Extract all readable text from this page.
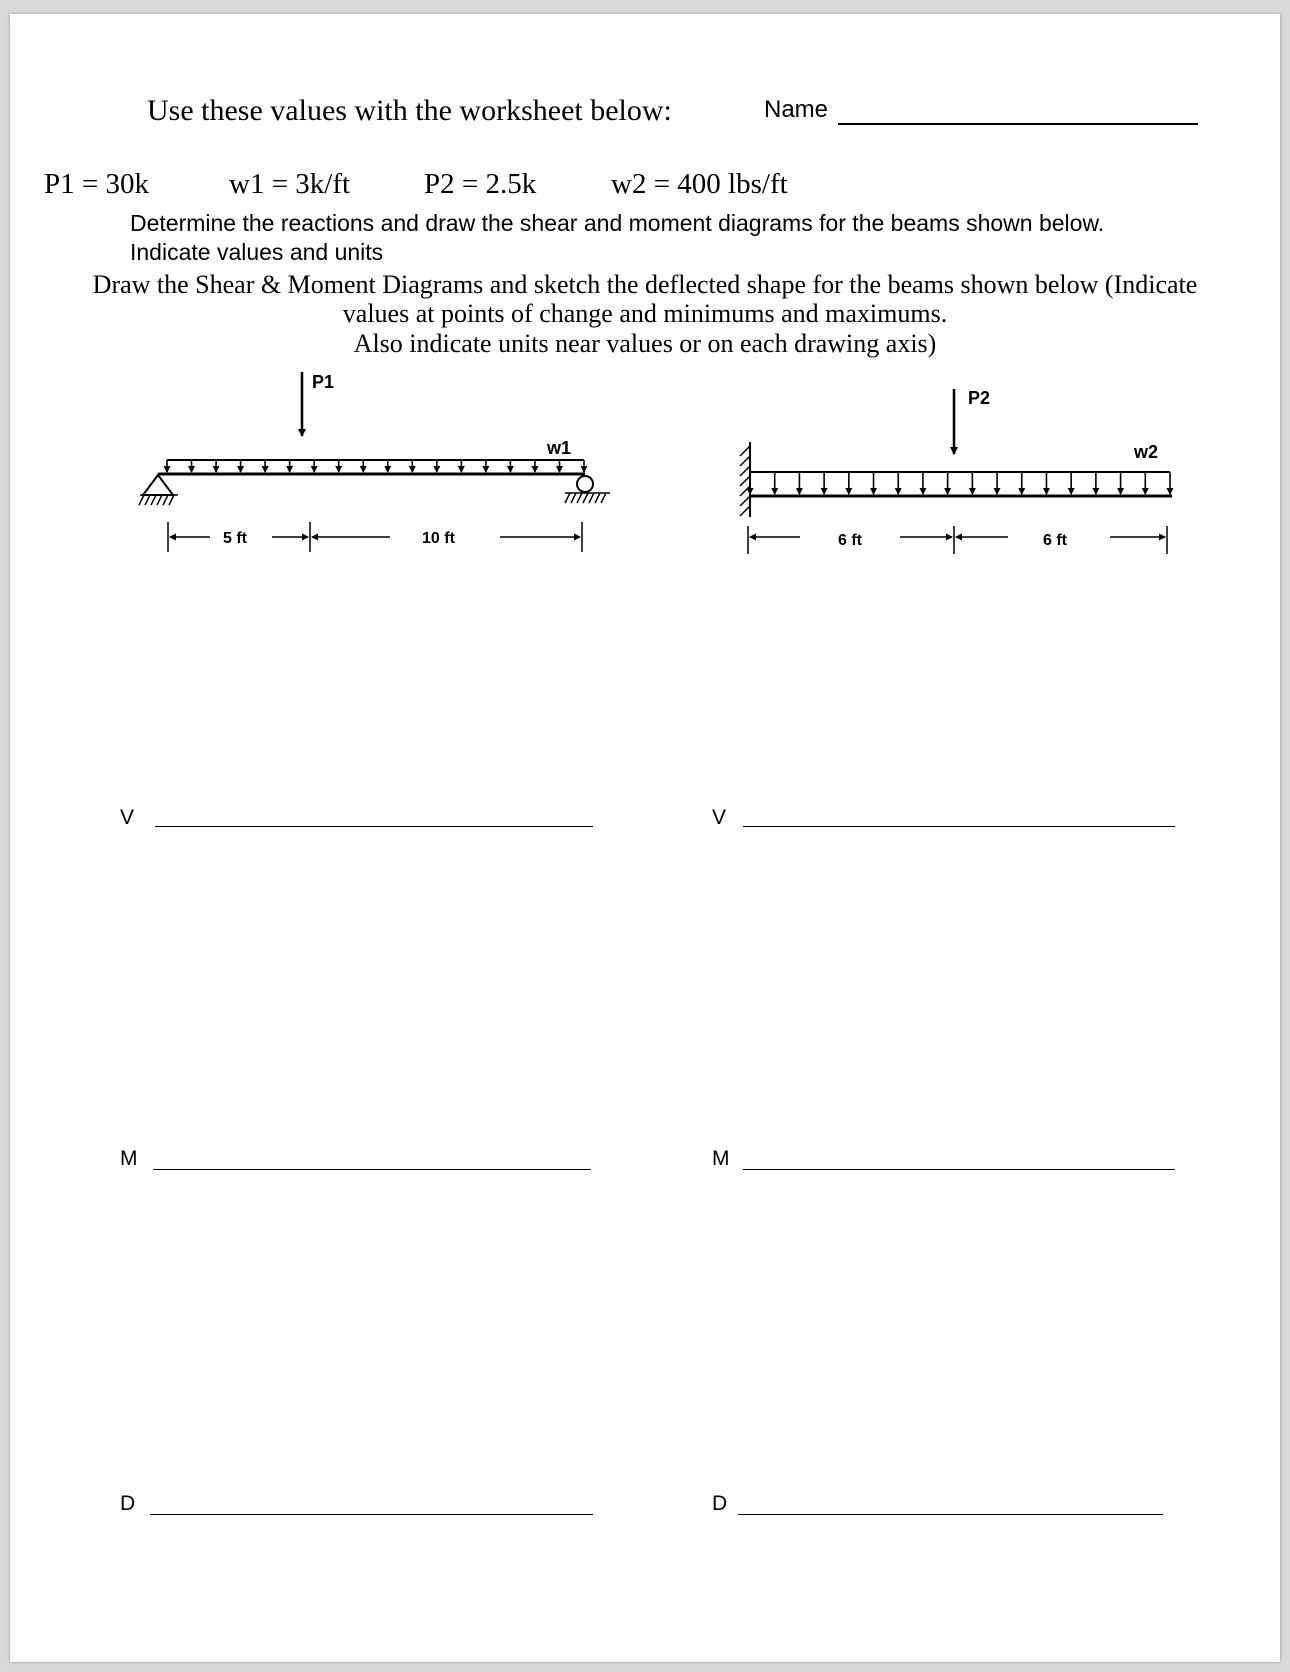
Use these values with the worksheet below:	Name
P1 = 30k	w1 = 3k/ft	P2 = 2.5k	w2 = 400 lbs/ft
Determine the reactions and draw the shear and moment diagrams for the beams shown below.
Indicate values and units
Draw the Shear & Moment Diagrams and sketch the deflected shape for the beams shown below (Indicate
values at points of change and minimums and maximums.
Also indicate units near values or on each drawing axis)
P1
w1
5 ft	10 ft
P2
w2
6 ft	6 ft
V	V
M	M
D	D
